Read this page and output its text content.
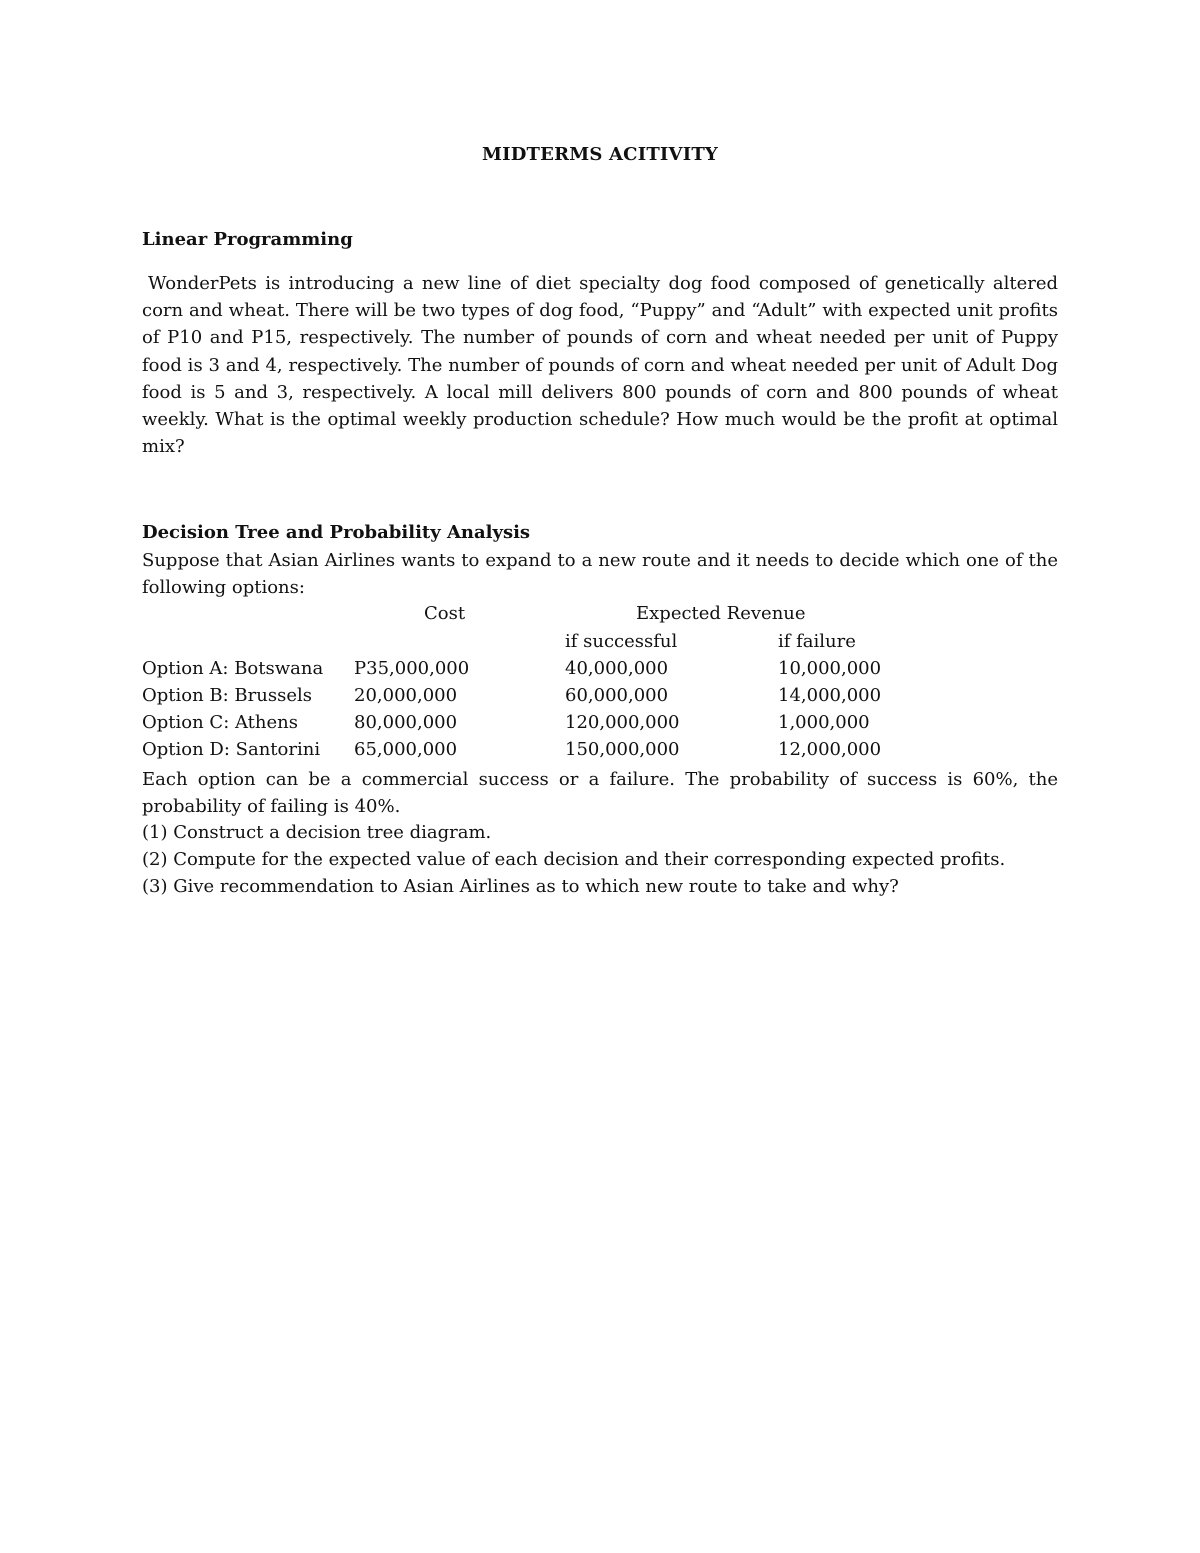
MIDTERMS ACITIVITY
Linear Programming
WonderPets is introducing a new line of diet specialty dog food composed of genetically altered corn and wheat. There will be two types of dog food, “Puppy” and “Adult” with expected unit profits of P10 and P15, respectively. The number of pounds of corn and wheat needed per unit of Puppy food is 3 and 4, respectively. The number of pounds of corn and wheat needed per unit of Adult Dog food is 5 and 3, respectively. A local mill delivers 800 pounds of corn and 800 pounds of wheat weekly. What is the optimal weekly production schedule? How much would be the profit at optimal mix?
Decision Tree and Probability Analysis
Suppose that Asian Airlines wants to expand to a new route and it needs to decide which one of the following options:
Cost	Expected Revenue
if successful	if failure
Option A: Botswana P35,000,000	40,000,000	10,000,000
Option B: Brussels 20,000,000	60,000,000	14,000,000
Option C: Athens	80,000,000	120,000,000	1,000,000
Option D: Santorini 65,000,000	150,000,000	12,000,000
Each option can be a commercial success or a failure. The probability of success is 60%, the probability of failing is 40%.
(1) Construct a decision tree diagram.
(2) Compute for the expected value of each decision and their corresponding expected profits.
(3) Give recommendation to Asian Airlines as to which new route to take and why?
